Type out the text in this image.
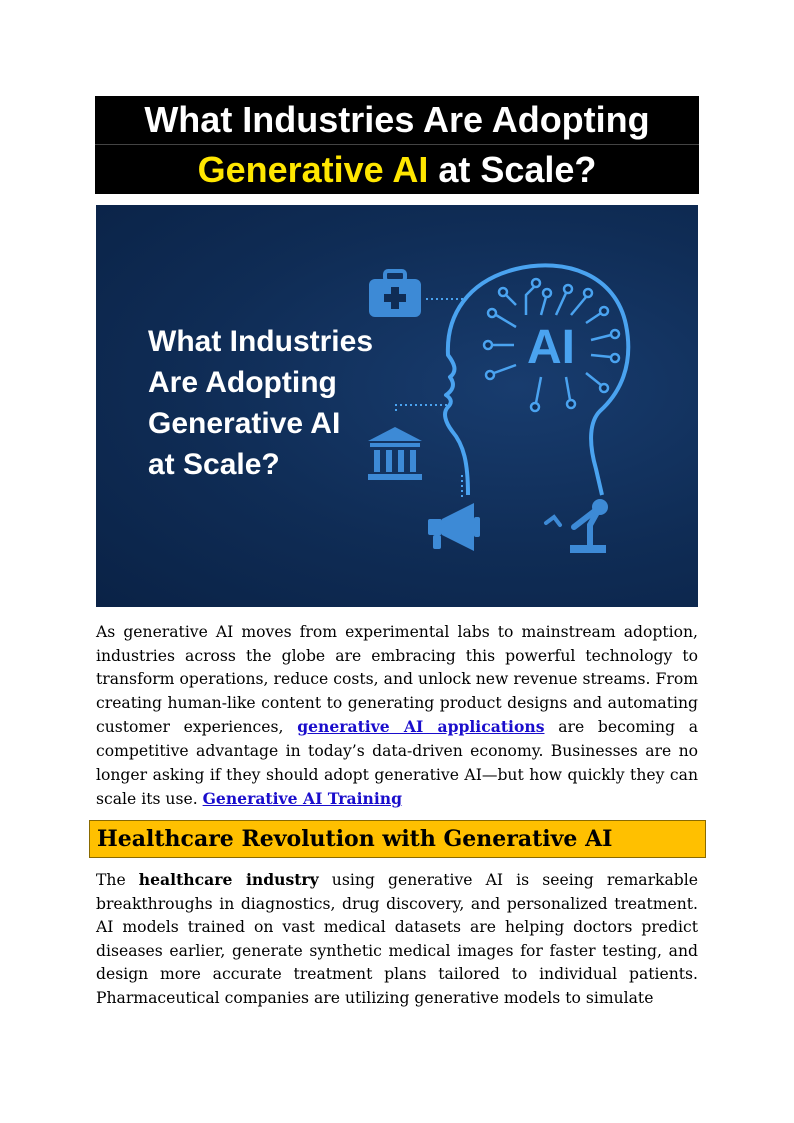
What Industries Are Adopting
Generative AI at Scale?
AI
What Industries
Are Adopting
Generative AI
at Scale?

As generative AI moves from experimental labs to mainstream adoption, industries across the globe are embracing this powerful technology to transform operations, reduce costs, and unlock new revenue streams. From creating human-like content to generating product designs and automating customer experiences, generative AI applications are becoming a competitive advantage in today’s data-driven economy. Businesses are no longer asking if they should adopt generative AI—but how quickly they can scale its use. Generative AI Training

Healthcare Revolution with Generative AI

The healthcare industry using generative AI is seeing remarkable breakthroughs in diagnostics, drug discovery, and personalized treatment. AI models trained on vast medical datasets are helping doctors predict diseases earlier, generate synthetic medical images for faster testing, and design more accurate treatment plans tailored to individual patients. Pharmaceutical companies are utilizing generative models to simulate
